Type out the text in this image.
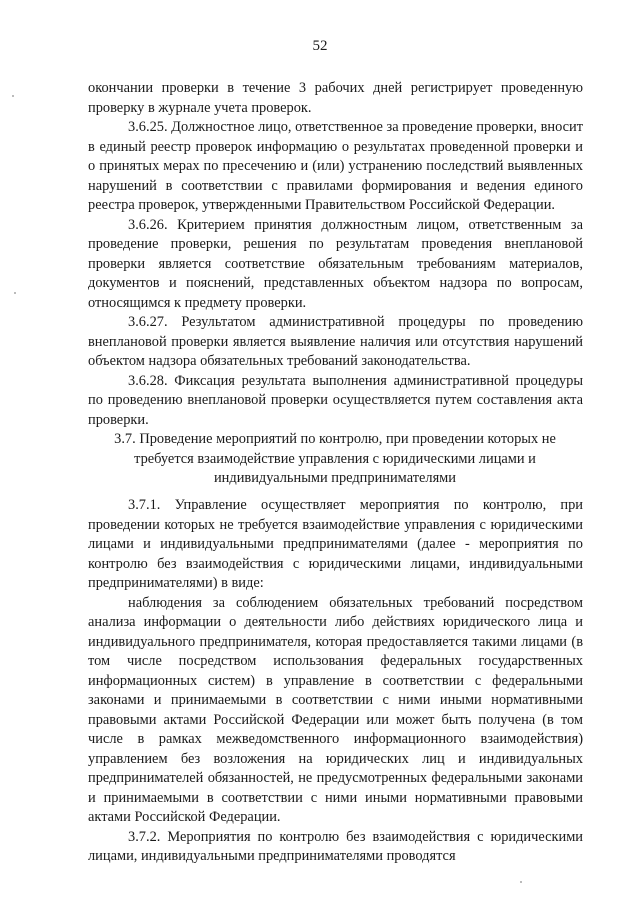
52

окончании проверки в течение 3 рабочих дней регистрирует проведенную проверку в журнале учета проверок.

3.6.25. Должностное лицо, ответственное за проведение проверки, вносит в единый реестр проверок информацию о результатах проведенной проверки и о принятых мерах по пресечению и (или) устранению последствий выявленных нарушений в соответствии с правилами формирования и ведения единого реестра проверок, утвержденными Правительством Российской Федерации.

3.6.26. Критерием принятия должностным лицом, ответственным за проведение проверки, решения по результатам проведения внеплановой проверки является соответствие обязательным требованиям материалов, документов и пояснений, представленных объектом надзора по вопросам, относящимся к предмету проверки.

3.6.27. Результатом административной процедуры по проведению внеплановой проверки является выявление наличия или отсутствия нарушений объектом надзора обязательных требований законодательства.

3.6.28. Фиксация результата выполнения административной процедуры по проведению внеплановой проверки осуществляется путем составления акта проверки.

3.7. Проведение мероприятий по контролю, при проведении которых не требуется взаимодействие управления с юридическими лицами и индивидуальными предпринимателями

3.7.1. Управление осуществляет мероприятия по контролю, при проведении которых не требуется взаимодействие управления с юридическими лицами и индивидуальными предпринимателями (далее - мероприятия по контролю без взаимодействия с юридическими лицами, индивидуальными предпринимателями) в виде:

наблюдения за соблюдением обязательных требований посредством анализа информации о деятельности либо действиях юридического лица и индивидуального предпринимателя, которая предоставляется такими лицами (в том числе посредством использования федеральных государственных информационных систем) в управление в соответствии с федеральными законами и принимаемыми в соответствии с ними иными нормативными правовыми актами Российской Федерации или может быть получена (в том числе в рамках межведомственного информационного взаимодействия) управлением без возложения на юридических лиц и индивидуальных предпринимателей обязанностей, не предусмотренных федеральными законами и принимаемыми в соответствии с ними иными нормативными правовыми актами Российской Федерации.

3.7.2. Мероприятия по контролю без взаимодействия с юридическими лицами, индивидуальными предпринимателями проводятся
